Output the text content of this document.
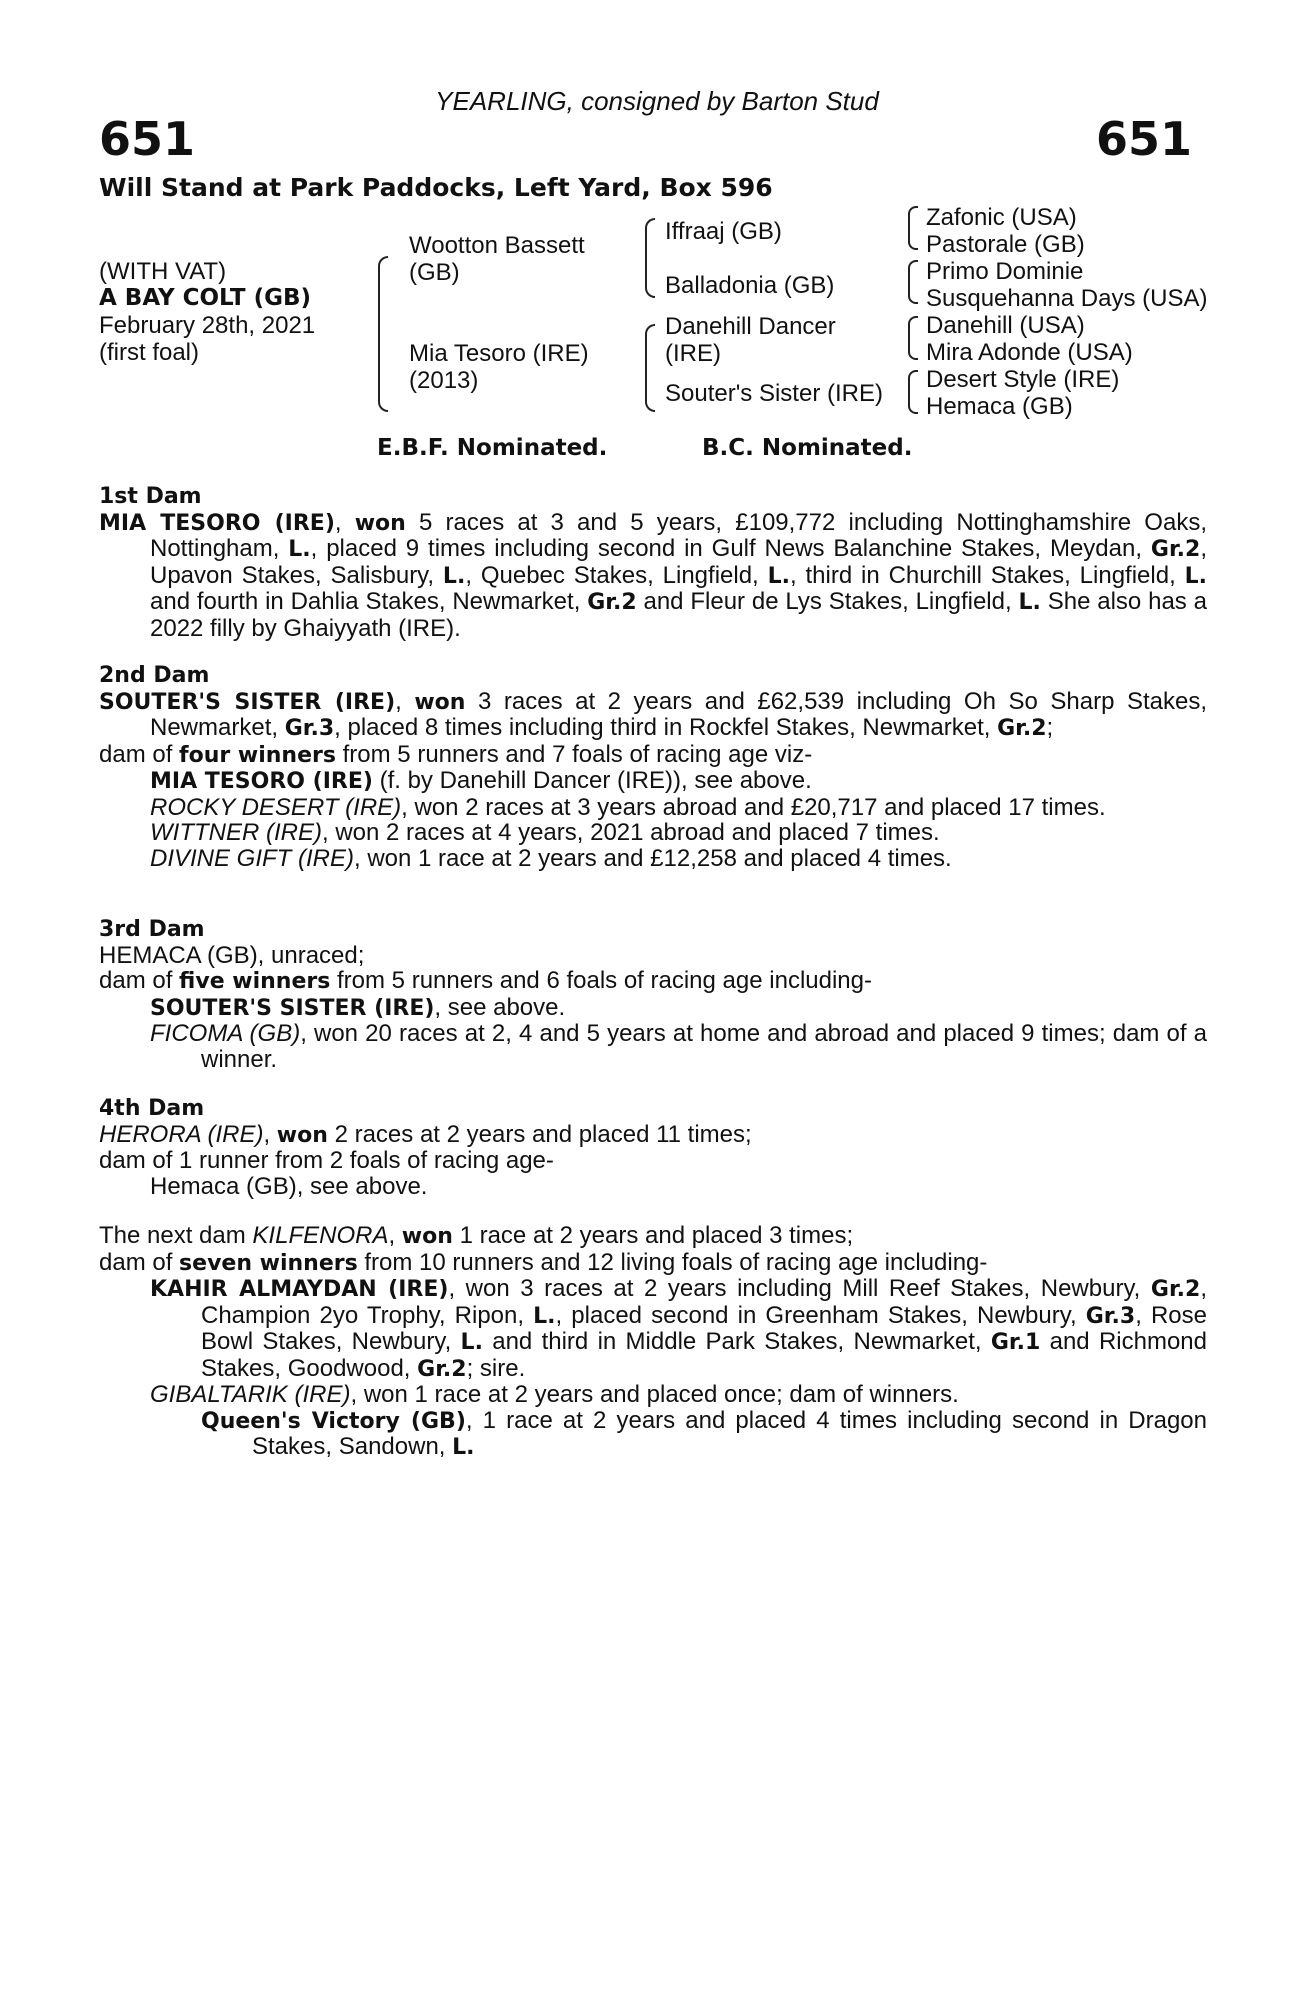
YEARLING, consigned by Barton Stud
651	651
Will Stand at Park Paddocks, Left Yard, Box 596
(WITH VAT)
A BAY COLT (GB)
February 28th, 2021
(first foal)
Wootton Bassett
(GB)
Mia Tesoro (IRE)
(2013)
Iffraaj (GB)
Balladonia (GB)
Danehill Dancer
(IRE)
Souter's Sister (IRE)
Zafonic (USA)
Pastorale (GB)
Primo Dominie
Susquehanna Days (USA)
Danehill (USA)
Mira Adonde (USA)
Desert Style (IRE)
Hemaca (GB)
E.B.F. Nominated.	B.C. Nominated.

1st Dam

MIA TESORO (IRE), won 5 races at 3 and 5 years, £109,772 including Nottinghamshire Oaks, Nottingham, L., placed 9 times including second in Gulf News Balanchine Stakes, Meydan, Gr.2, Upavon Stakes, Salisbury, L., Quebec Stakes, Lingfield, L., third in Churchill Stakes, Lingfield, L. and fourth in Dahlia Stakes, Newmarket, Gr.2 and Fleur de Lys Stakes, Lingfield, L. She also has a 2022 filly by Ghaiyyath (IRE).

2nd Dam

SOUTER'S SISTER (IRE), won 3 races at 2 years and £62,539 including Oh So Sharp Stakes, Newmarket, Gr.3, placed 8 times including third in Rockfel Stakes, Newmarket, Gr.2;

dam of four winners from 5 runners and 7 foals of racing age viz-

MIA TESORO (IRE) (f. by Danehill Dancer (IRE)), see above.

ROCKY DESERT (IRE), won 2 races at 3 years abroad and £20,717 and placed 17 times.

WITTNER (IRE), won 2 races at 4 years, 2021 abroad and placed 7 times.

DIVINE GIFT (IRE), won 1 race at 2 years and £12,258 and placed 4 times.

3rd Dam

HEMACA (GB), unraced;

dam of five winners from 5 runners and 6 foals of racing age including-

SOUTER'S SISTER (IRE), see above.

FICOMA (GB), won 20 races at 2, 4 and 5 years at home and abroad and placed 9 times; dam of a winner.

4th Dam

HERORA (IRE), won 2 races at 2 years and placed 11 times;

dam of 1 runner from 2 foals of racing age-

Hemaca (GB), see above.

The next dam KILFENORA, won 1 race at 2 years and placed 3 times;

dam of seven winners from 10 runners and 12 living foals of racing age including-

KAHIR ALMAYDAN (IRE), won 3 races at 2 years including Mill Reef Stakes, Newbury, Gr.2, Champion 2yo Trophy, Ripon, L., placed second in Greenham Stakes, Newbury, Gr.3, Rose Bowl Stakes, Newbury, L. and third in Middle Park Stakes, Newmarket, Gr.1 and Richmond Stakes, Goodwood, Gr.2; sire.

GIBALTARIK (IRE), won 1 race at 2 years and placed once; dam of winners.

Queen's Victory (GB), 1 race at 2 years and placed 4 times including second in Dragon Stakes, Sandown, L.
